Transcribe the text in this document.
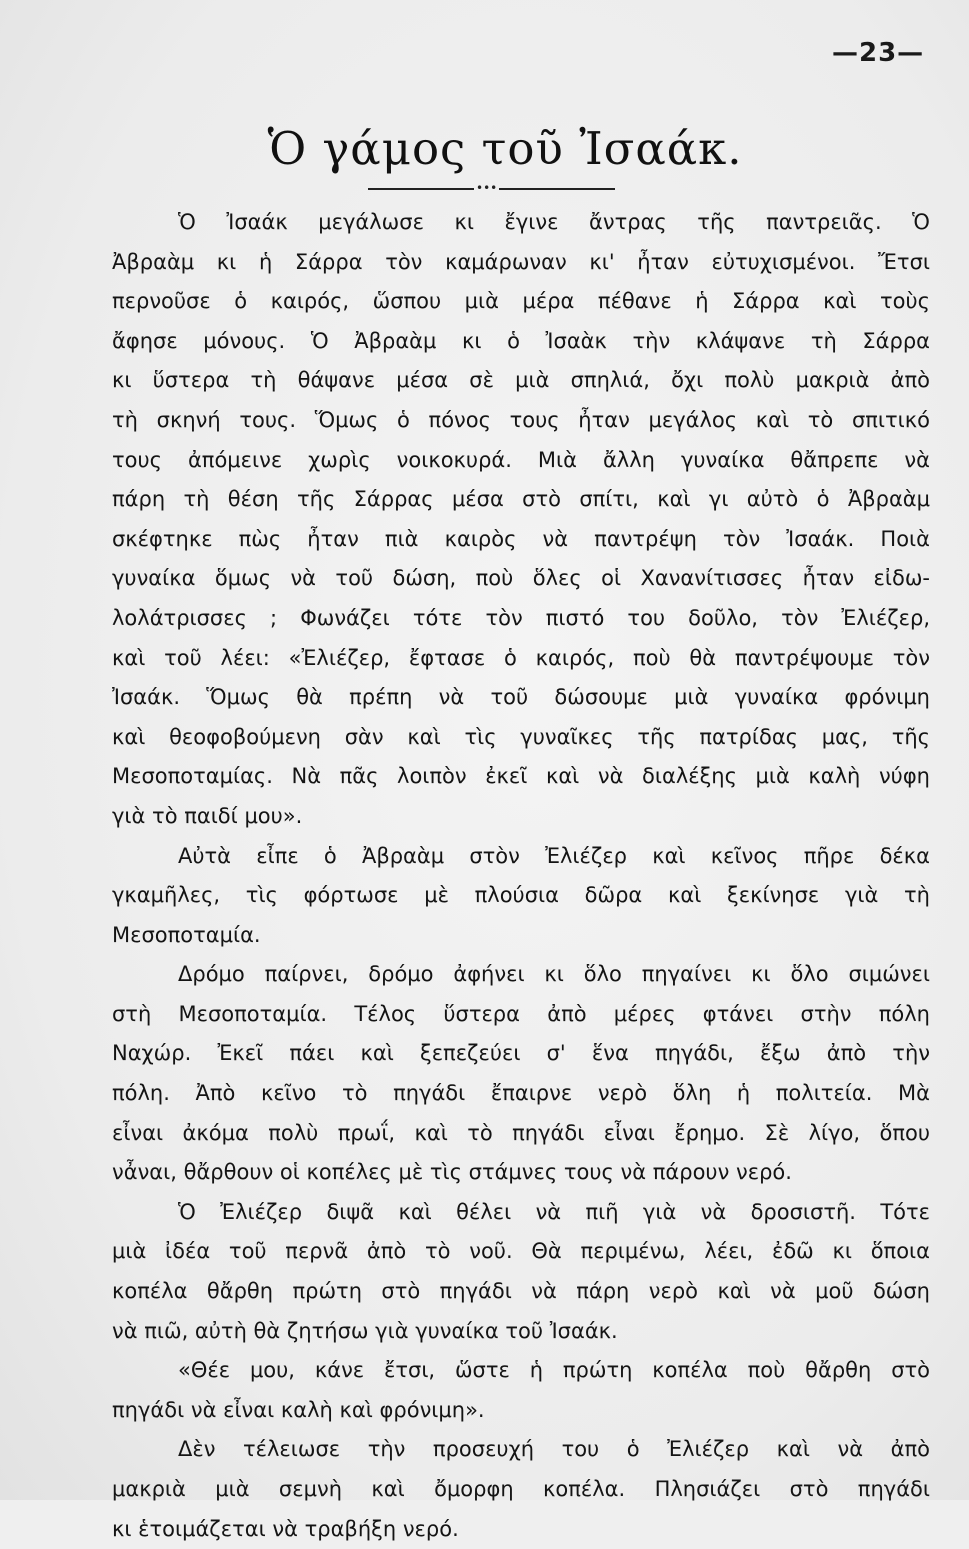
—23—
Ὁ γάμος τοῦ Ἰσαάκ.
•••
Ὁ Ἰσαάκ μεγάλωσε κι ἔγινε ἄντρας τῆς παντρειᾶς. Ὁ
Ἀβραὰμ κι ἡ Σάρρα τὸν καμάρωναν κι' ἦταν εὐτυχισμένοι. Ἔτσι
περνοῦσε ὁ καιρός, ὥσπου μιὰ μέρα πέθανε ἡ Σάρρα καὶ τοὺς
ἄφησε μόνους. Ὁ Ἀβραὰμ κι ὁ Ἰσαὰκ τὴν κλάψανε τὴ Σάρρα
κι ὕστερα τὴ θάψανε μέσα σὲ μιὰ σπηλιά, ὄχι πολὺ μακριὰ ἀπὸ
τὴ σκηνή τους. Ὅμως ὁ πόνος τους ἦταν μεγάλος καὶ τὸ σπιτικό
τους ἀπόμεινε χωρὶς νοικοκυρά. Μιὰ ἄλλη γυναίκα θἄπρεπε νὰ
πάρη τὴ θέση τῆς Σάρρας μέσα στὸ σπίτι, καὶ γι αὐτὸ ὁ Ἀβραὰμ
σκέφτηκε πὼς ἦταν πιὰ καιρὸς νὰ παντρέψη τὸν Ἰσαάκ. Ποιὰ
γυναίκα ὅμως νὰ τοῦ δώση, ποὺ ὅλες οἱ Χανανίτισσες ἦταν εἰδω-
λολάτρισσες ; Φωνάζει τότε τὸν πιστό του δοῦλο, τὸν Ἐλιέζερ,
καὶ τοῦ λέει: «Ἐλιέζερ, ἔφτασε ὁ καιρός, ποὺ θὰ παντρέψουμε τὸν
Ἰσαάκ. Ὅμως θὰ πρέπη νὰ τοῦ δώσουμε μιὰ γυναίκα φρόνιμη
καὶ θεοφοβούμενη σὰν καὶ τὶς γυναῖκες τῆς πατρίδας μας, τῆς
Μεσοποταμίας. Νὰ πᾶς λοιπὸν ἐκεῖ καὶ νὰ διαλέξης μιὰ καλὴ νύφη
γιὰ τὸ παιδί μου».
Αὐτὰ εἶπε ὁ Ἀβραὰμ στὸν Ἐλιέζερ καὶ κεῖνος πῆρε δέκα
γκαμῆλες, τὶς φόρτωσε μὲ πλούσια δῶρα καὶ ξεκίνησε γιὰ τὴ
Μεσοποταμία.
Δρόμο παίρνει, δρόμο ἀφήνει κι ὅλο πηγαίνει κι ὅλο σιμώνει
στὴ Μεσοποταμία. Τέλος ὕστερα ἀπὸ μέρες φτάνει στὴν πόλη
Ναχώρ. Ἐκεῖ πάει καὶ ξεπεζεύει σ' ἕνα πηγάδι, ἔξω ἀπὸ τὴν
πόλη. Ἀπὸ κεῖνο τὸ πηγάδι ἔπαιρνε νερὸ ὅλη ἡ πολιτεία. Μὰ
εἶναι ἀκόμα πολὺ πρωΐ, καὶ τὸ πηγάδι εἶναι ἔρημο. Σὲ λίγο, ὅπου
νἆναι, θἄρθουν οἱ κοπέλες μὲ τὶς στάμνες τους νὰ πάρουν νερό.
Ὁ Ἐλιέζερ διψᾶ καὶ θέλει νὰ πιῆ γιὰ νὰ δροσιστῆ. Τότε
μιὰ ἰδέα τοῦ περνᾶ ἀπὸ τὸ νοῦ. Θὰ περιμένω, λέει, ἐδῶ κι ὅποια
κοπέλα θἄρθη πρώτη στὸ πηγάδι νὰ πάρη νερὸ καὶ νὰ μοῦ δώση
νὰ πιῶ, αὐτὴ θὰ ζητήσω γιὰ γυναίκα τοῦ Ἰσαάκ.
«Θέε μου, κάνε ἔτσι, ὥστε ἡ πρώτη κοπέλα ποὺ θἄρθη στὸ
πηγάδι νὰ εἶναι καλὴ καὶ φρόνιμη».
Δὲν τέλειωσε τὴν προσευχή του ὁ Ἐλιέζερ καὶ νὰ ἀπὸ
μακριὰ μιὰ σεμνὴ καὶ ὄμορφη κοπέλα. Πλησιάζει στὸ πηγάδι
κι ἑτοιμάζεται νὰ τραβήξη νερό.
